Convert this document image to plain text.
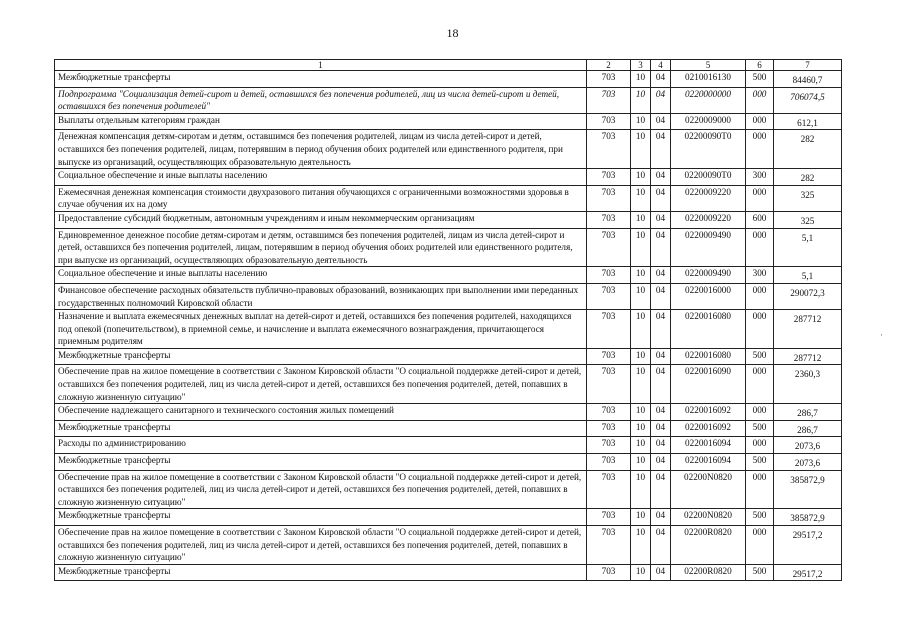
18
1	2	3	4	5	6	7
Межбюджетные трансферты	703	10	04	0210016130	500	84460,7
Подпрограмма "Социализация детей-сирот и детей, оставшихся без попечения родителей, лиц из числа детей-сирот и детей, оставшихся без попечения родителей"	703	10	04	0220000000	000	706074,5
Выплаты отдельным категориям граждан	703	10	04	0220009000	000	612,1
Денежная компенсация детям-сиротам и детям, оставшимся без попечения родителей, лицам из числа детей-сирот и детей, оставшихся без попечения родителей, лицам, потерявшим в период обучения обоих родителей или единственного родителя, при выпуске из организаций, осуществляющих образовательную деятельность	703	10	04	02200090Т0	000	282
Социальное обеспечение и иные выплаты населению	703	10	04	02200090Т0	300	282
Ежемесячная денежная компенсация стоимости двухразового питания обучающихся с ограниченными возможностями здоровья в случае обучения их на дому	703	10	04	0220009220	000	325
Предоставление субсидий бюджетным, автономным учреждениям и иным некоммерческим организациям	703	10	04	0220009220	600	325
Единовременное денежное пособие детям-сиротам и детям, оставшимся без попечения родителей, лицам из числа детей-сирот и детей, оставшихся без попечения родителей, лицам, потерявшим в период обучения обоих родителей или единственного родителя, при выпуске из организаций, осуществляющих образовательную деятельность	703	10	04	0220009490	000	5,1
Социальное обеспечение и иные выплаты населению	703	10	04	0220009490	300	5,1
Финансовое обеспечение расходных обязательств публично-правовых образований, возникающих при выполнении ими переданных государственных полномочий Кировской области	703	10	04	0220016000	000	290072,3
Назначение и выплата ежемесячных денежных выплат на детей-сирот и детей, оставшихся без попечения родителей, находящихся под опекой (попечительством), в приемной семье, и начисление и выплата ежемесячного вознаграждения, причитающегося приемным родителям	703	10	04	0220016080	000	287712
Межбюджетные трансферты	703	10	04	0220016080	500	287712
Обеспечение прав на жилое помещение в соответствии с Законом Кировской области "О социальной поддержке детей-сирот и детей, оставшихся без попечения родителей, лиц из числа детей-сирот и детей, оставшихся без попечения родителей, детей, попавших в сложную жизненную ситуацию"	703	10	04	0220016090	000	2360,3
Обеспечение надлежащего санитарного и технического состояния жилых помещений	703	10	04	0220016092	000	286,7
Межбюджетные трансферты	703	10	04	0220016092	500	286,7
Расходы по администрированию	703	10	04	0220016094	000	2073,6
Межбюджетные трансферты	703	10	04	0220016094	500	2073,6
Обеспечение прав на жилое помещение в соответствии с Законом Кировской области "О социальной поддержке детей-сирот и детей, оставшихся без попечения родителей, лиц из числа детей-сирот и детей, оставшихся без попечения родителей, детей, попавших в сложную жизненную ситуацию"	703	10	04	02200N0820	000	385872,9
Межбюджетные трансферты	703	10	04	02200N0820	500	385872,9
Обеспечение прав на жилое помещение в соответствии с Законом Кировской области "О социальной поддержке детей-сирот и детей, оставшихся без попечения родителей, лиц из числа детей-сирот и детей, оставшихся без попечения родителей, детей, попавших в сложную жизненную ситуацию"	703	10	04	02200R0820	000	29517,2
Межбюджетные трансферты	703	10	04	02200R0820	500	29517,2
·
